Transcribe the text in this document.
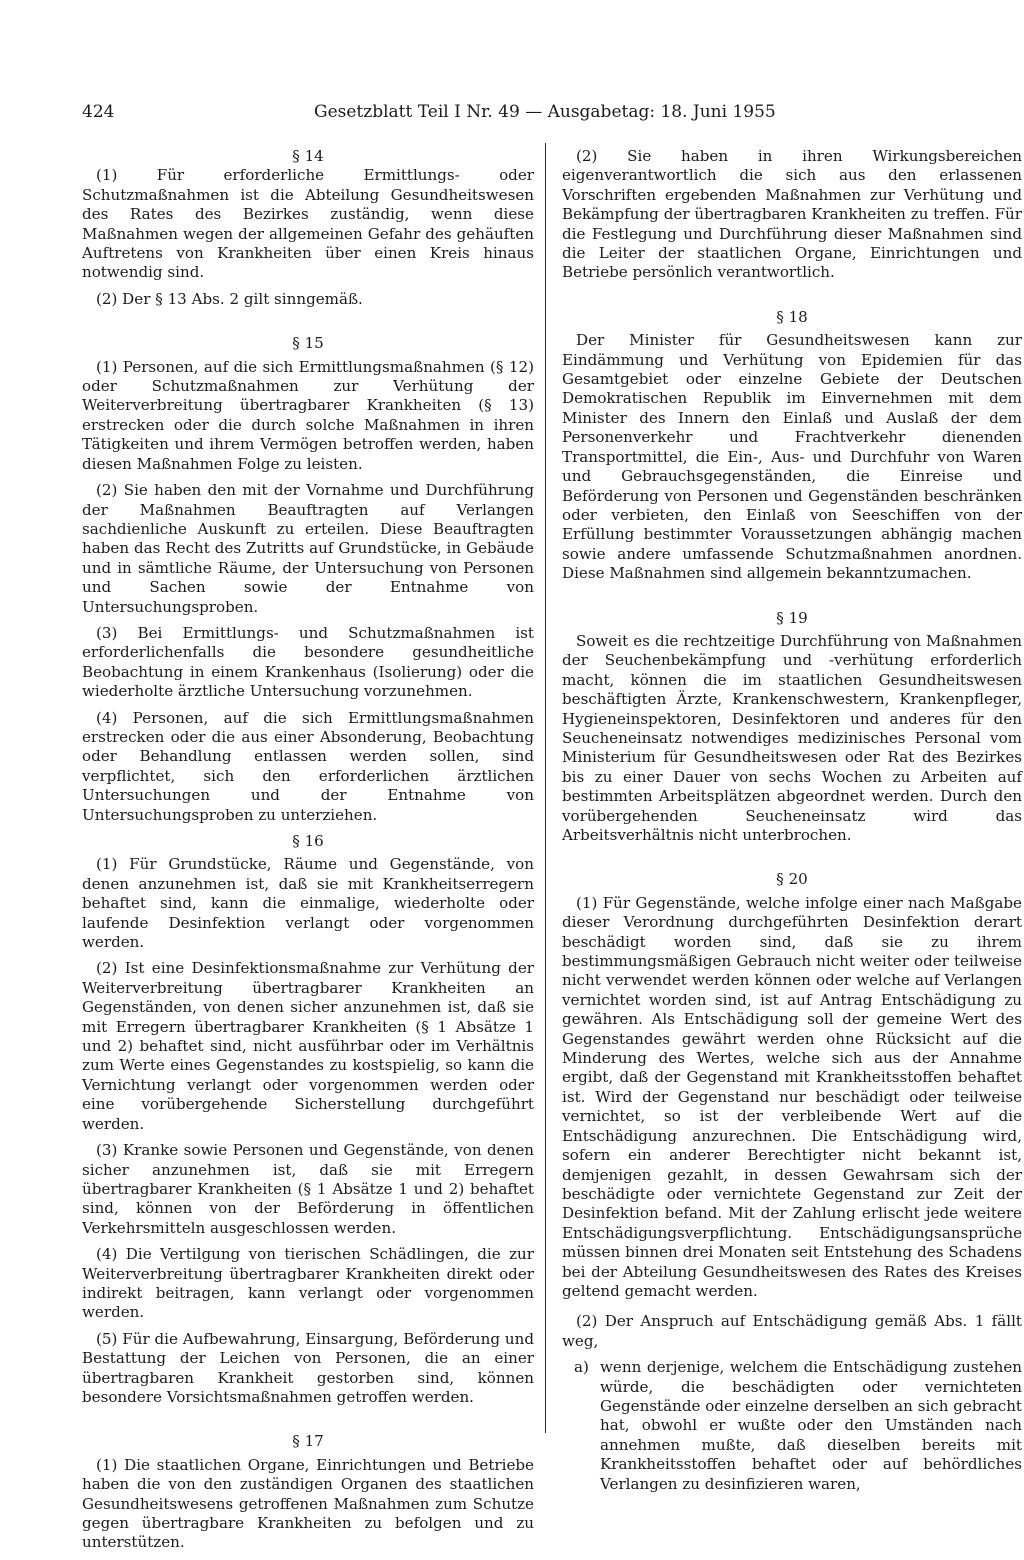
424	Gesetzblatt Teil I Nr. 49 — Ausgabetag: 18. Juni 1955

§ 14

(1) Für erforderliche Ermittlungs- oder Schutzmaßnahmen ist die Abteilung Gesundheitswesen des Rates des Bezirkes zuständig, wenn diese Maßnahmen wegen der allgemeinen Gefahr des gehäuften Auftretens von Krankheiten über einen Kreis hinaus notwendig sind.

(2) Der § 13 Abs. 2 gilt sinngemäß.

§ 15

(1) Personen, auf die sich Ermittlungsmaßnahmen (§ 12) oder Schutzmaßnahmen zur Verhütung der Weiterverbreitung übertragbarer Krankheiten (§ 13) erstrecken oder die durch solche Maßnahmen in ihren Tätigkeiten und ihrem Vermögen betroffen werden, haben diesen Maßnahmen Folge zu leisten.

(2) Sie haben den mit der Vornahme und Durchführung der Maßnahmen Beauftragten auf Verlangen sachdienliche Auskunft zu erteilen. Diese Beauftragten haben das Recht des Zutritts auf Grundstücke, in Gebäude und in sämtliche Räume, der Untersuchung von Personen und Sachen sowie der Entnahme von Untersuchungsproben.

(3) Bei Ermittlungs- und Schutzmaßnahmen ist erforderlichenfalls die besondere gesundheitliche Beobachtung in einem Krankenhaus (Isolierung) oder die wiederholte ärztliche Untersuchung vorzunehmen.

(4) Personen, auf die sich Ermittlungsmaßnahmen erstrecken oder die aus einer Absonderung, Beobachtung oder Behandlung entlassen werden sollen, sind verpflichtet, sich den erforderlichen ärztlichen Untersuchungen und der Entnahme von Untersuchungsproben zu unterziehen.

§ 16

(1) Für Grundstücke, Räume und Gegenstände, von denen anzunehmen ist, daß sie mit Krankheitserregern behaftet sind, kann die einmalige, wiederholte oder laufende Desinfektion verlangt oder vorgenommen werden.

(2) Ist eine Desinfektionsmaßnahme zur Verhütung der Weiterverbreitung übertragbarer Krankheiten an Gegenständen, von denen sicher anzunehmen ist, daß sie mit Erregern übertragbarer Krankheiten (§ 1 Absätze 1 und 2) behaftet sind, nicht ausführbar oder im Verhältnis zum Werte eines Gegenstandes zu kostspielig, so kann die Vernichtung verlangt oder vorgenommen werden oder eine vorübergehende Sicherstellung durchgeführt werden.

(3) Kranke sowie Personen und Gegenstände, von denen sicher anzunehmen ist, daß sie mit Erregern übertragbarer Krankheiten (§ 1 Absätze 1 und 2) behaftet sind, können von der Beförderung in öffentlichen Verkehrsmitteln ausgeschlossen werden.

(4) Die Vertilgung von tierischen Schädlingen, die zur Weiterverbreitung übertragbarer Krankheiten direkt oder indirekt beitragen, kann verlangt oder vorgenommen werden.

(5) Für die Aufbewahrung, Einsargung, Beförderung und Bestattung der Leichen von Personen, die an einer übertragbaren Krankheit gestorben sind, können besondere Vorsichtsmaßnahmen getroffen werden.

§ 17

(1) Die staatlichen Organe, Einrichtungen und Betriebe haben die von den zuständigen Organen des staatlichen Gesundheitswesens getroffenen Maßnahmen zum Schutze gegen übertragbare Krankheiten zu befolgen und zu unterstützen.

(2) Sie haben in ihren Wirkungsbereichen eigenverantwortlich die sich aus den erlassenen Vorschriften ergebenden Maßnahmen zur Verhütung und Bekämpfung der übertragbaren Krankheiten zu treffen. Für die Festlegung und Durchführung dieser Maßnahmen sind die Leiter der staatlichen Organe, Einrichtungen und Betriebe persönlich verantwortlich.

§ 18

Der Minister für Gesundheitswesen kann zur Eindämmung und Verhütung von Epidemien für das Gesamtgebiet oder einzelne Gebiete der Deutschen Demokratischen Republik im Einvernehmen mit dem Minister des Innern den Einlaß und Auslaß der dem Personenverkehr und Frachtverkehr dienenden Transportmittel, die Ein-, Aus- und Durchfuhr von Waren und Gebrauchsgegenständen, die Einreise und Beförderung von Personen und Gegenständen beschränken oder verbieten, den Einlaß von Seeschiffen von der Erfüllung bestimmter Voraussetzungen abhängig machen sowie andere umfassende Schutzmaßnahmen anordnen. Diese Maßnahmen sind allgemein bekanntzumachen.

§ 19

Soweit es die rechtzeitige Durchführung von Maßnahmen der Seuchenbekämpfung und -verhütung erforderlich macht, können die im staatlichen Gesundheitswesen beschäftigten Ärzte, Krankenschwestern, Krankenpfleger, Hygieneinspektoren, Desinfektoren und anderes für den Seucheneinsatz notwendiges medizinisches Personal vom Ministerium für Gesundheitswesen oder Rat des Bezirkes bis zu einer Dauer von sechs Wochen zu Arbeiten auf bestimmten Arbeitsplätzen abgeordnet werden. Durch den vorübergehenden Seucheneinsatz wird das Arbeitsverhältnis nicht unterbrochen.

§ 20

(1) Für Gegenstände, welche infolge einer nach Maßgabe dieser Verordnung durchgeführten Desinfektion derart beschädigt worden sind, daß sie zu ihrem bestimmungsmäßigen Gebrauch nicht weiter oder teilweise nicht verwendet werden können oder welche auf Verlangen vernichtet worden sind, ist auf Antrag Entschädigung zu gewähren. Als Entschädigung soll der gemeine Wert des Gegenstandes gewährt werden ohne Rücksicht auf die Minderung des Wertes, welche sich aus der Annahme ergibt, daß der Gegenstand mit Krankheitsstoffen behaftet ist. Wird der Gegenstand nur beschädigt oder teilweise vernichtet, so ist der verbleibende Wert auf die Entschädigung anzurechnen. Die Entschädigung wird, sofern ein anderer Berechtigter nicht bekannt ist, demjenigen gezahlt, in dessen Gewahrsam sich der beschädigte oder vernichtete Gegenstand zur Zeit der Desinfektion befand. Mit der Zahlung erlischt jede weitere Entschädigungsverpflichtung. Entschädigungsansprüche müssen binnen drei Monaten seit Entstehung des Schadens bei der Abteilung Gesundheitswesen des Rates des Kreises geltend gemacht werden.

(2) Der Anspruch auf Entschädigung gemäß Abs. 1 fällt weg,

a) wenn derjenige, welchem die Entschädigung zustehen würde, die beschädigten oder vernichteten Gegenstände oder einzelne derselben an sich gebracht hat, obwohl er wußte oder den Umständen nach annehmen mußte, daß dieselben bereits mit Krankheitsstoffen behaftet oder auf behördliches Verlangen zu desinfizieren waren,
